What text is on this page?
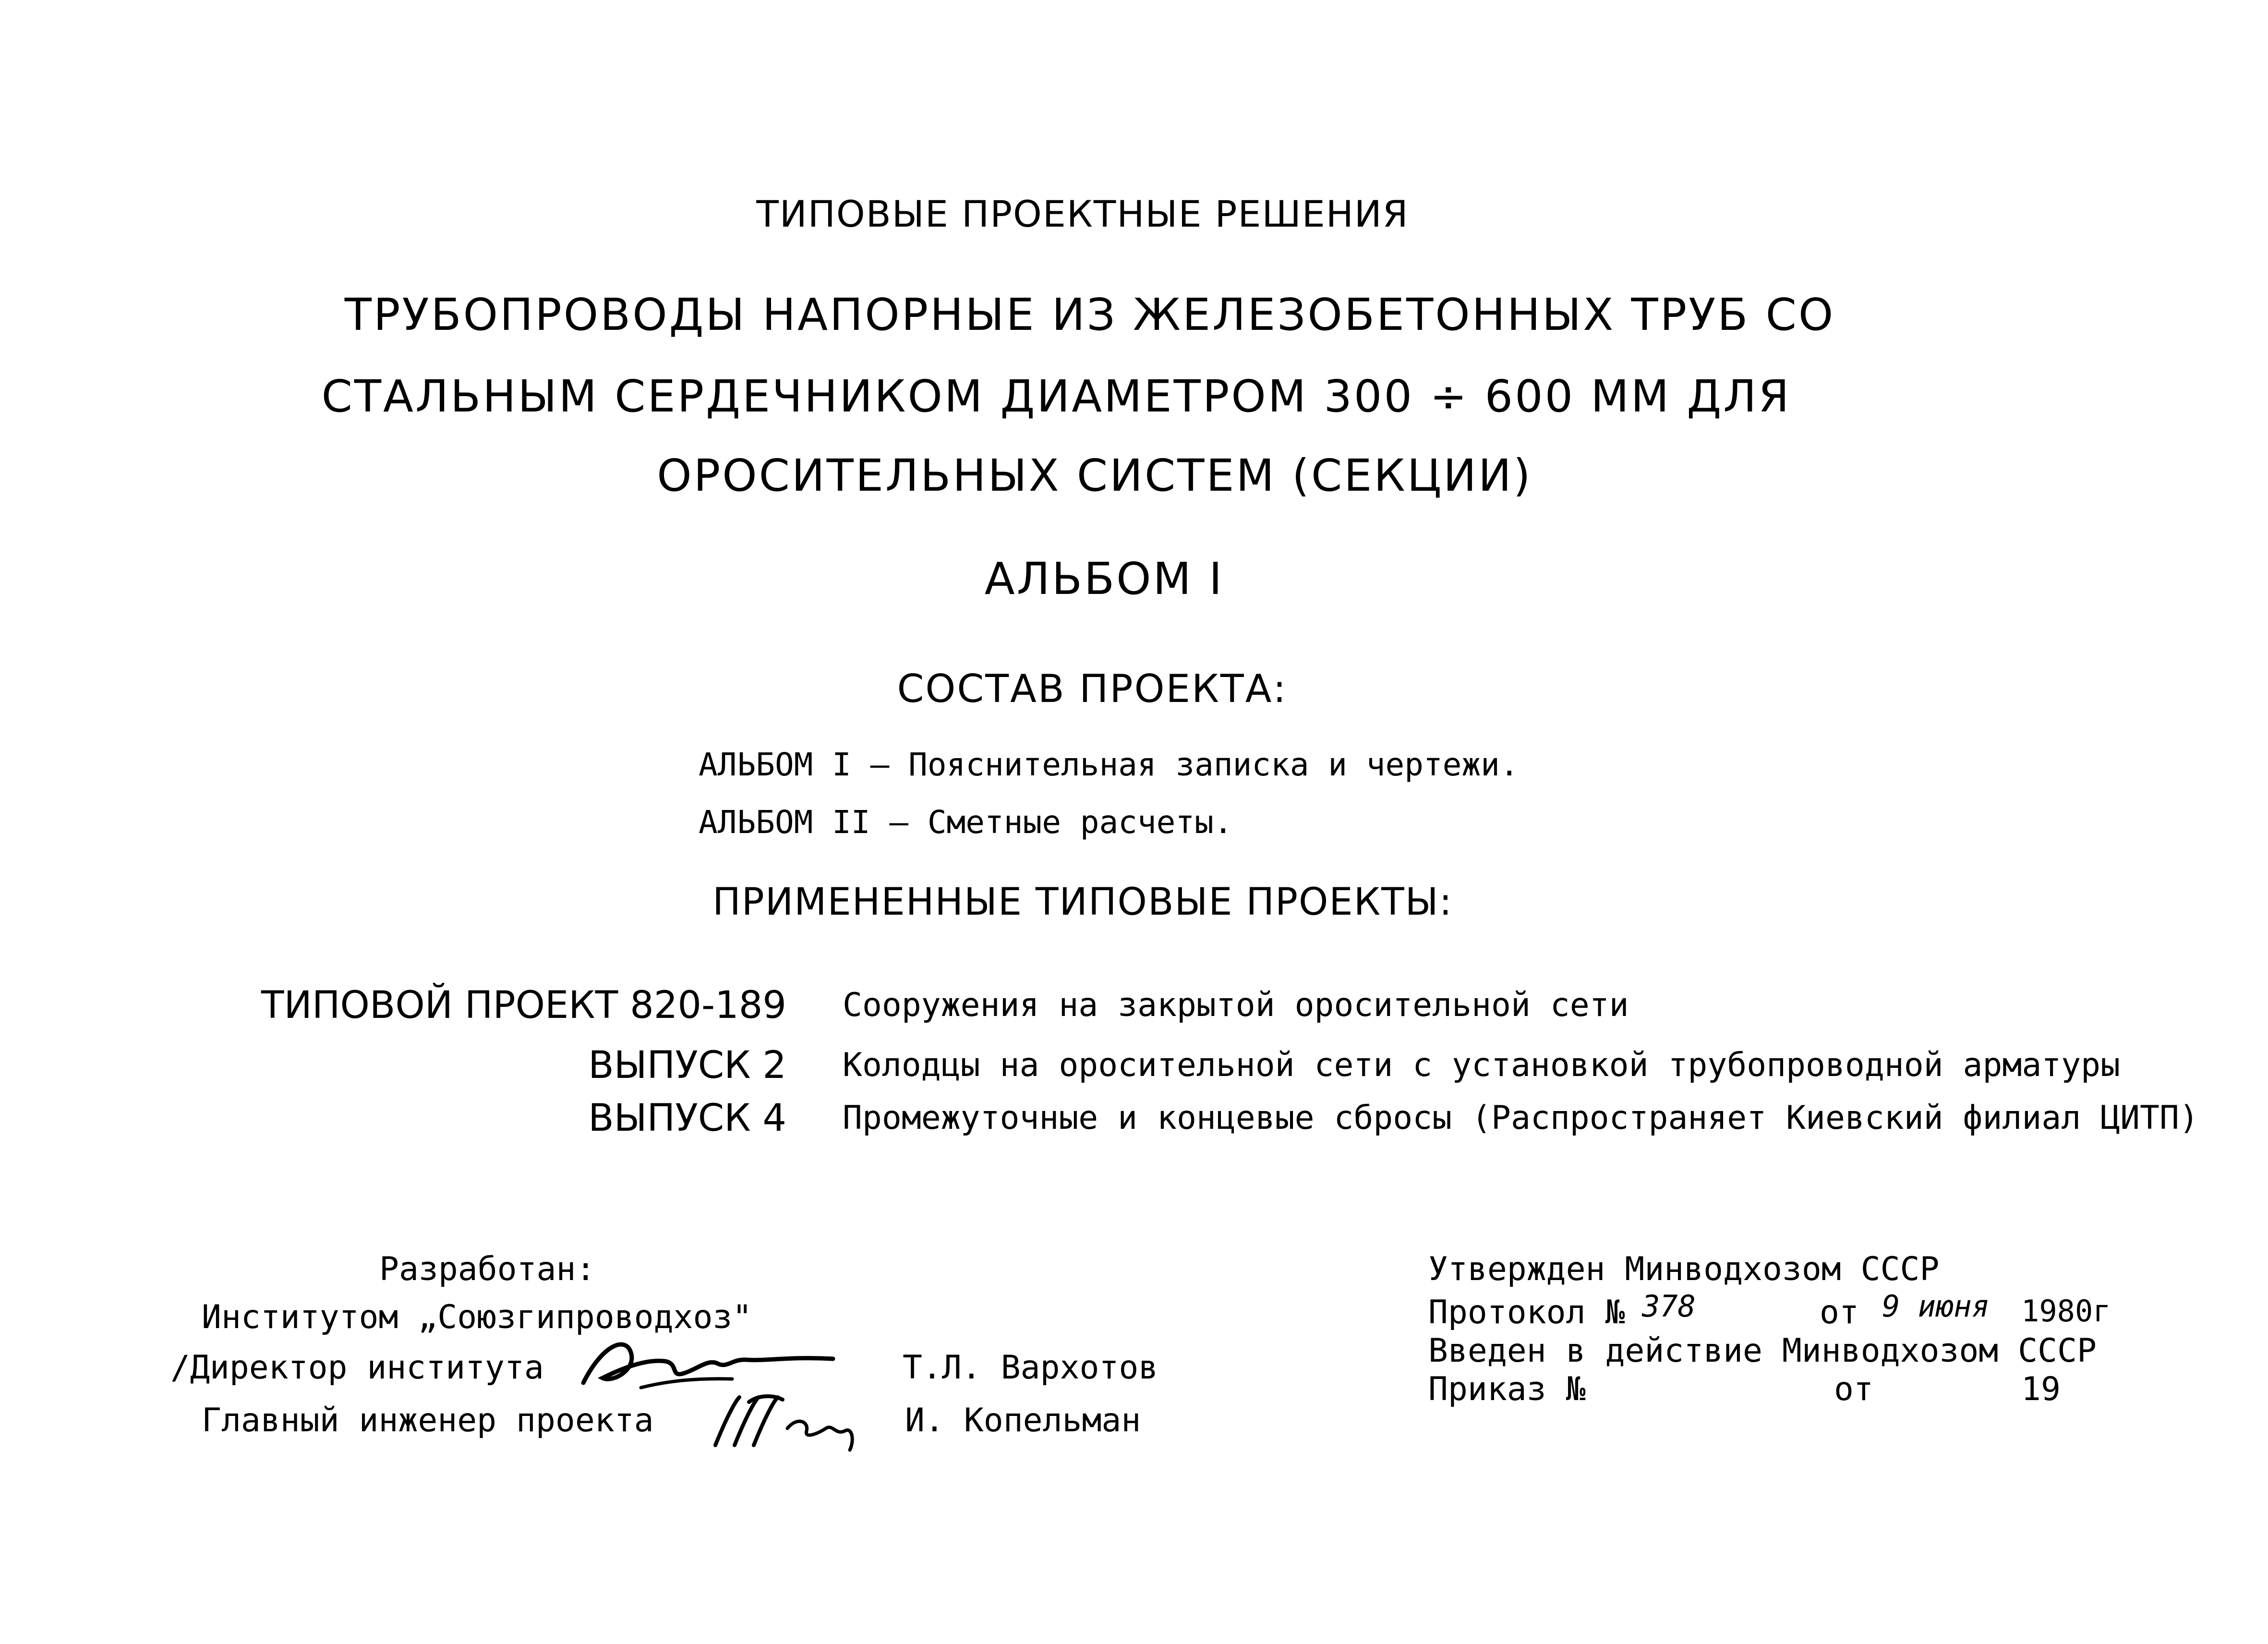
ТИПОВЫЕ ПРОЕКТНЫЕ РЕШЕНИЯ
ТРУБОПРОВОДЫ НАПОРНЫЕ ИЗ ЖЕЛЕЗОБЕТОННЫХ ТРУБ СО
СТАЛЬНЫМ СЕРДЕЧНИКОМ ДИАМЕТРОМ 300 ÷ 600 ММ ДЛЯ
ОРОСИТЕЛЬНЫХ СИСТЕМ (СЕКЦИИ)
АЛЬБОМ I
СОСТАВ ПРОЕКТА:
АЛЬБОМ I – Пояснительная записка и чертежи.
АЛЬБОМ II – Сметные расчеты.
ПРИМЕНЕННЫЕ ТИПОВЫЕ ПРОЕКТЫ:
ТИПОВОЙ ПРОЕКТ 820-189 Сооружения на закрытой оросительной сети
ВЫПУСК 2 Колодцы на оросительной сети с установкой трубопроводной арматуры
ВЫПУСК 4 Промежуточные и концевые сбросы (Распространяет Киевский филиал ЦИТП)
Разработан:
Институтом „Союзгипроводхоз"
/Директор института	Т.Л. Вархотов
Главный инженер проекта	И. Копельман
Утвержден Минводхозом СССР
Протокол № 378	от 9 июня 1980г
Введен в действие Минводхозом СССР
Приказ №	от	19
